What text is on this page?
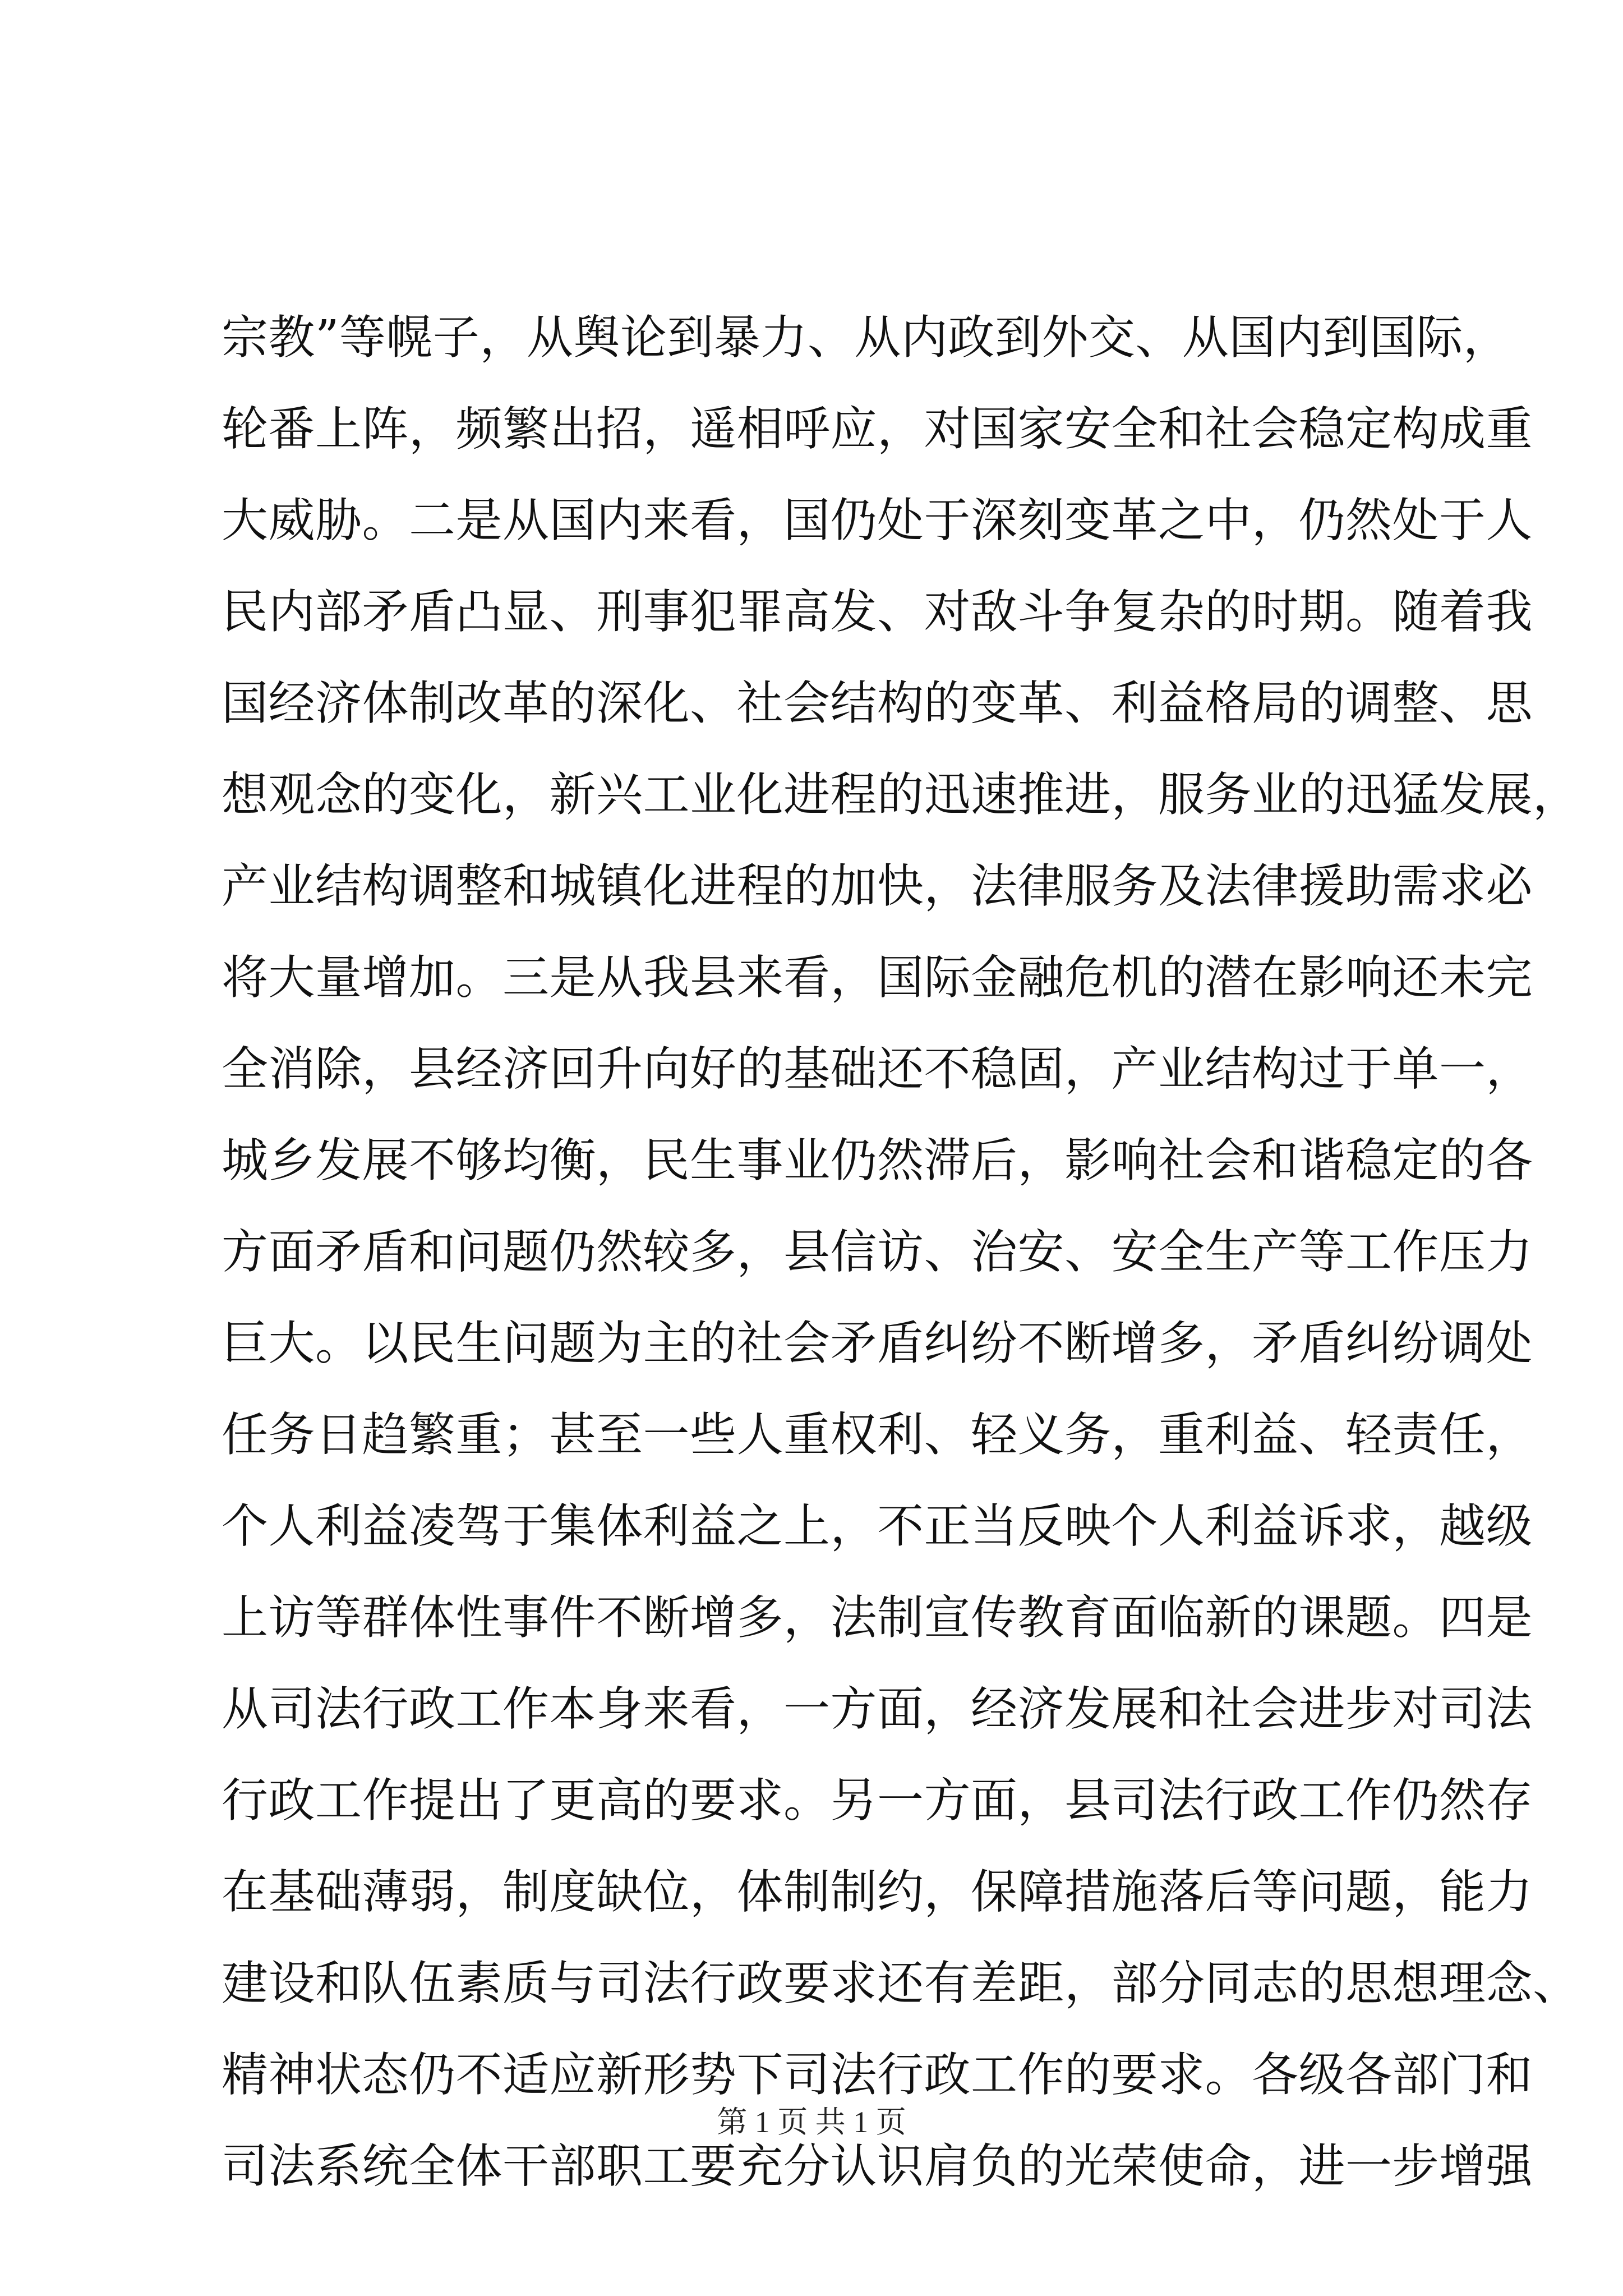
宗教”等幌子，从舆论到暴力、从内政到外交、从国内到国际，
轮番上阵，频繁出招，遥相呼应，对国家安全和社会稳定构成重
大威胁。二是从国内来看，国仍处于深刻变革之中，仍然处于人
民内部矛盾凸显、刑事犯罪高发、对敌斗争复杂的时期。随着我
国经济体制改革的深化、社会结构的变革、利益格局的调整、思
想观念的变化，新兴工业化进程的迅速推进，服务业的迅猛发展，
产业结构调整和城镇化进程的加快，法律服务及法律援助需求必
将大量增加。三是从我县来看，国际金融危机的潜在影响还未完
全消除，县经济回升向好的基础还不稳固，产业结构过于单一，
城乡发展不够均衡，民生事业仍然滞后，影响社会和谐稳定的各
方面矛盾和问题仍然较多，县信访、治安、安全生产等工作压力
巨大。以民生问题为主的社会矛盾纠纷不断增多，矛盾纠纷调处
任务日趋繁重；甚至一些人重权利、轻义务，重利益、轻责任，
个人利益凌驾于集体利益之上，不正当反映个人利益诉求，越级
上访等群体性事件不断增多，法制宣传教育面临新的课题。四是
从司法行政工作本身来看，一方面，经济发展和社会进步对司法
行政工作提出了更高的要求。另一方面，县司法行政工作仍然存
在基础薄弱，制度缺位，体制制约，保障措施落后等问题，能力
建设和队伍素质与司法行政要求还有差距，部分同志的思想理念、
精神状态仍不适应新形势下司法行政工作的要求。各级各部门和
司法系统全体干部职工要充分认识肩负的光荣使命，进一步增强
第 1 页 共 1 页
